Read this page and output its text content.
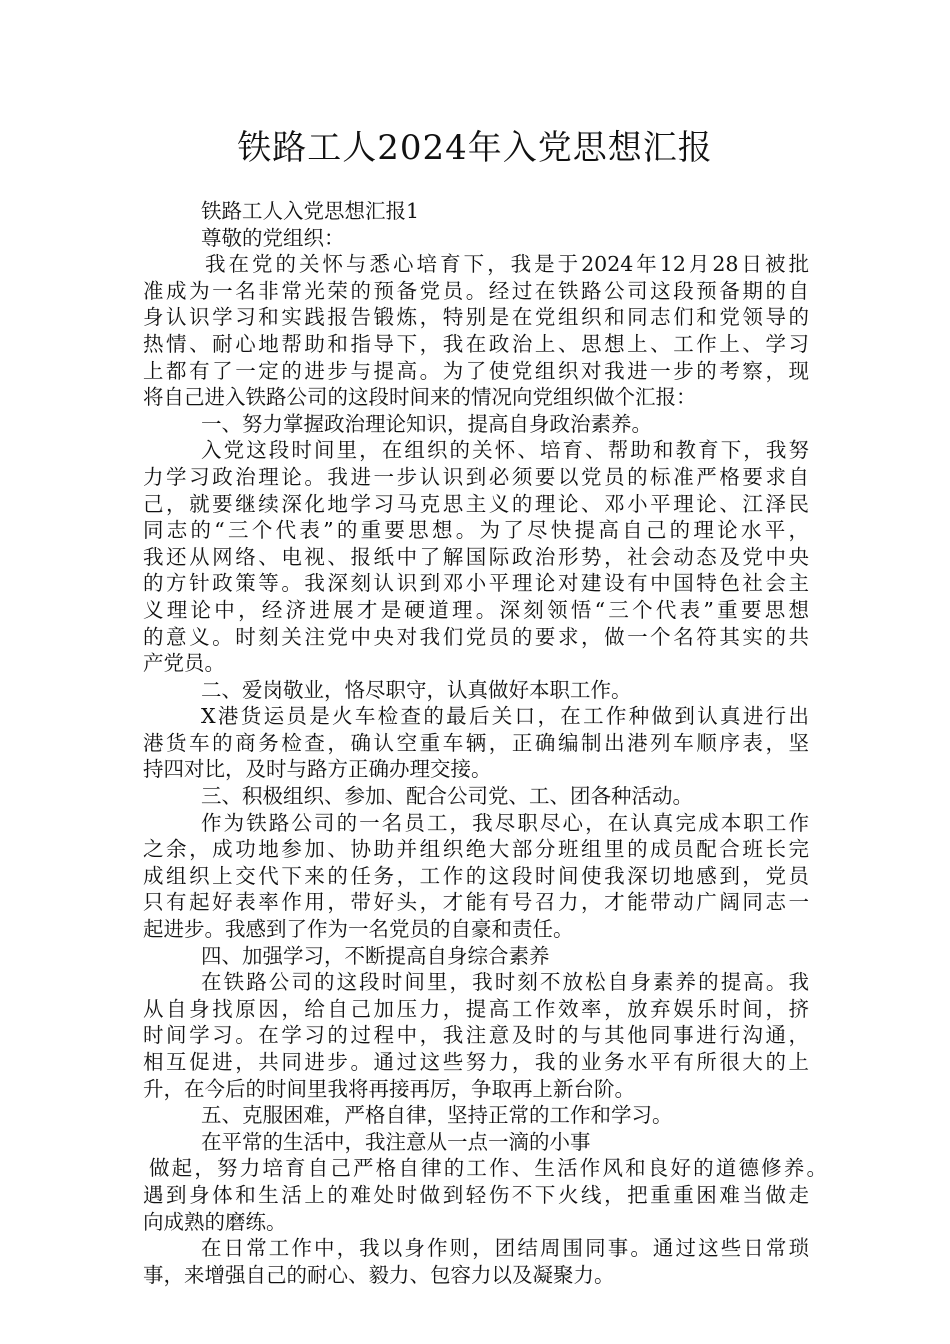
铁路工人2024年入党思想汇报
铁路工人入党思想汇报1
尊敬的党组织：
我在党的关怀与悉心培育下，我是于2024年12月28日被批
准成为一名非常光荣的预备党员。经过在铁路公司这段预备期的自
身认识学习和实践报告锻炼，特别是在党组织和同志们和党领导的
热情、耐心地帮助和指导下，我在政治上、思想上、工作上、学习
上都有了一定的进步与提高。为了使党组织对我进一步的考察，现
将自己进入铁路公司的这段时间来的情况向党组织做个汇报：
一、努力掌握政治理论知识，提高自身政治素养。
入党这段时间里，在组织的关怀、培育、帮助和教育下，我努
力学习政治理论。我进一步认识到必须要以党员的标准严格要求自
己，就要继续深化地学习马克思主义的理论、邓小平理论、江泽民
同志的“三个代表”的重要思想。为了尽快提高自己的理论水平，
我还从网络、电视、报纸中了解国际政治形势，社会动态及党中央
的方针政策等。我深刻认识到邓小平理论对建设有中国特色社会主
义理论中，经济进展才是硬道理。深刻领悟“三个代表”重要思想
的意义。时刻关注党中央对我们党员的要求，做一个名符其实的共
产党员。
二、爱岗敬业，恪尽职守，认真做好本职工作。
X港货运员是火车检查的最后关口，在工作种做到认真进行出
港货车的商务检查，确认空重车辆，正确编制出港列车顺序表，坚
持四对比，及时与路方正确办理交接。
三、积极组织、参加、配合公司党、工、团各种活动。
作为铁路公司的一名员工，我尽职尽心，在认真完成本职工作
之余，成功地参加、协助并组织绝大部分班组里的成员配合班长完
成组织上交代下来的任务，工作的这段时间使我深切地感到，党员
只有起好表率作用，带好头，才能有号召力，才能带动广阔同志一
起进步。我感到了作为一名党员的自豪和责任。
四、加强学习，不断提高自身综合素养
在铁路公司的这段时间里，我时刻不放松自身素养的提高。我
从自身找原因，给自己加压力，提高工作效率，放弃娱乐时间，挤
时间学习。在学习的过程中，我注意及时的与其他同事进行沟通，
相互促进，共同进步。通过这些努力，我的业务水平有所很大的上
升，在今后的时间里我将再接再厉，争取再上新台阶。
五、克服困难，严格自律，坚持正常的工作和学习。
在平常的生活中，我注意从一点一滴的小事
做起，努力培育自己严格自律的工作、生活作风和良好的道德修养。
遇到身体和生活上的难处时做到轻伤不下火线，把重重困难当做走
向成熟的磨练。
在日常工作中，我以身作则，团结周围同事。通过这些日常琐
事，来增强自己的耐心、毅力、包容力以及凝聚力。
